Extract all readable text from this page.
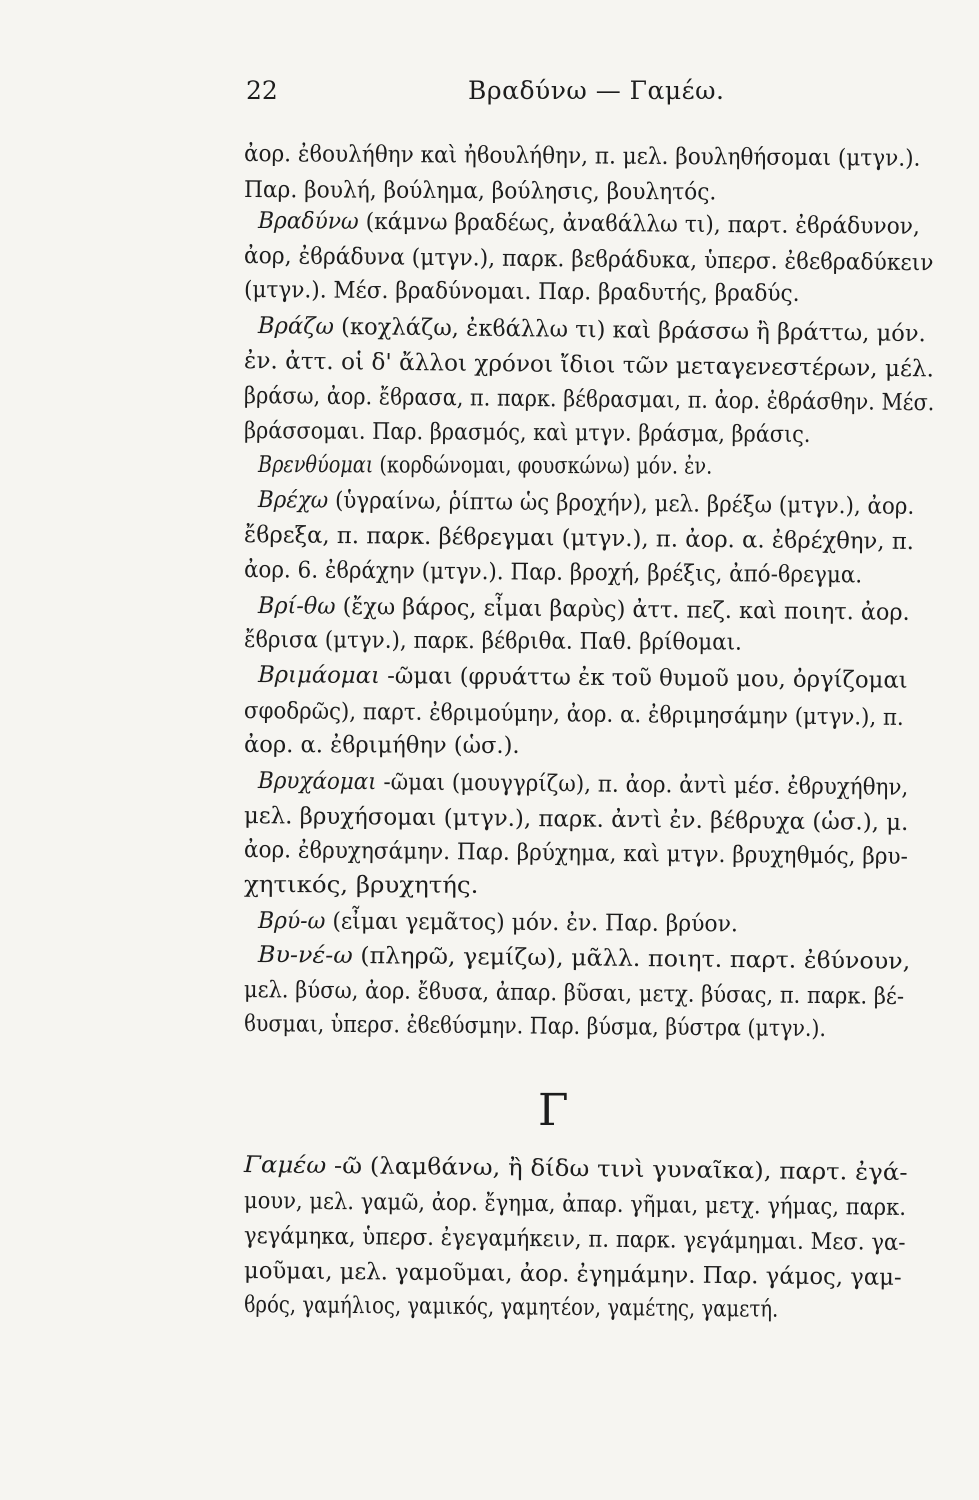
22	Βραδύνω — Γαμέω.
ἀορ. ἐϐουλήθην καὶ ἠϐουλήθην, π. μελ. βουληθήσομαι (μτγν.).
Παρ. βουλή, βούλημα, βούλησις, βουλητός.
Βραδύνω (κάμνω βραδέως, ἀναϐάλλω τι), παρτ. ἐϐράδυνον,
ἀορ, ἐϐράδυνα (μτγν.), παρκ. βεϐράδυκα, ὑπερσ. ἐϐεϐραδύκειν
(μτγν.). Μέσ. βραδύνομαι. Παρ. βραδυτής, βραδύς.
Βράζω (κοχλάζω, ἐκϐάλλω τι) καὶ βράσσω ἢ βράττω, μόν.
ἐν. ἀττ. οἱ δ' ἄλλοι χρόνοι ἴδιοι τῶν μεταγενεστέρων, μέλ.
βράσω, ἀορ. ἔϐρασα, π. παρκ. βέϐρασμαι, π. ἀορ. ἐϐράσθην. Μέσ.
βράσσομαι. Παρ. βρασμός, καὶ μτγν. βράσμα, βράσις.
Βρενθύομαι (κορδώνομαι, φουσκώνω) μόν. ἐν.
Βρέχω (ὑγραίνω, ῥίπτω ὡς βροχήν), μελ. βρέξω (μτγν.), ἀορ.
ἔϐρεξα, π. παρκ. βέϐρεγμαι (μτγν.), π. ἀορ. α. ἐϐρέχθην, π.
ἀορ. 6. ἐϐράχην (μτγν.). Παρ. βροχή, βρέξις, ἀπό-ϐρεγμα.
Βρί-θω (ἔχω βάρος, εἶμαι βαρὺς) ἀττ. πεζ. καὶ ποιητ. ἀορ.
ἔϐρισα (μτγν.), παρκ. βέϐριθα. Παθ. βρίθομαι.
Βριμάομαι -ῶμαι (φρυάττω ἐκ τοῦ θυμοῦ μου, ὀργίζομαι
σφοδρῶς), παρτ. ἐϐριμούμην, ἀορ. α. ἐϐριμησάμην (μτγν.), π.
ἀορ. α. ἐϐριμήθην (ὡσ.).
Βρυχάομαι -ῶμαι (μουγγρίζω), π. ἀορ. ἀντὶ μέσ. ἐϐρυχήθην,
μελ. βρυχήσομαι (μτγν.), παρκ. ἀντὶ ἐν. βέϐρυχα (ὡσ.), μ.
ἀορ. ἐϐρυχησάμην. Παρ. βρύχημα, καὶ μτγν. βρυχηθμός, βρυ-
χητικός, βρυχητής.
Βρύ-ω (εἶμαι γεμᾶτος) μόν. ἐν. Παρ. βρύον.
Βυ-νέ-ω (πληρῶ, γεμίζω), μᾶλλ. ποιητ. παρτ. ἐϐύνουν,
μελ. βύσω, ἀορ. ἔϐυσα, ἀπαρ. βῦσαι, μετχ. βύσας, π. παρκ. βέ-
ϐυσμαι, ὑπερσ. ἐϐεϐύσμην. Παρ. βύσμα, βύστρα (μτγν.).
Γαμέω -ῶ (λαμϐάνω, ἢ δίδω τινὶ γυναῖκα), παρτ. ἐγά-
μουν, μελ. γαμῶ, ἀορ. ἔγημα, ἀπαρ. γῆμαι, μετχ. γήμας, παρκ.
γεγάμηκα, ὑπερσ. ἐγεγαμήκειν, π. παρκ. γεγάμημαι. Μεσ. γα-
μοῦμαι, μελ. γαμοῦμαι, ἀορ. ἐγημάμην. Παρ. γάμος, γαμ-
ϐρός, γαμήλιος, γαμικός, γαμητέον, γαμέτης, γαμετή.
Γ
